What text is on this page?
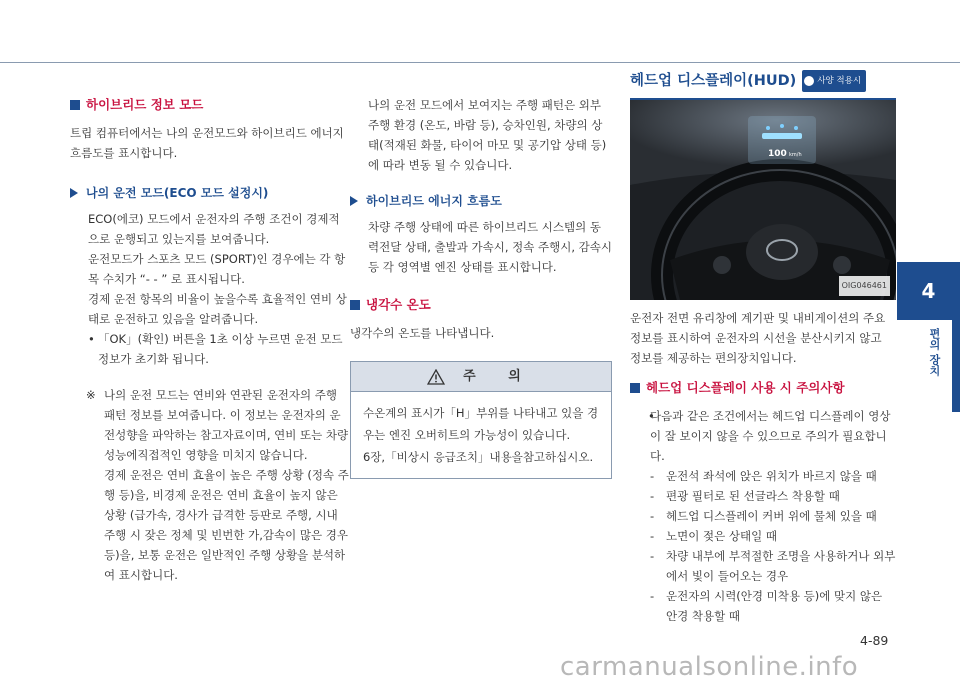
하이브리드 정보 모드

트립 컴퓨터에서는 나의 운전모드와 하이브리드 에너지 흐름도를 표시합니다.

나의 운전 모드(ECO 모드 설정시)

ECO(에코) 모드에서 운전자의 주행 조건이 경제적으로 운행되고 있는지를 보여줍니다.

운전모드가 스포츠 모드 (SPORT)인 경우에는 각 항목 수치가 “- - ” 로 표시됩니다.

경제 운전 항목의 비율이 높을수록 효율적인 연비 상태로 운전하고 있음을 알려줍니다.

• 「OK」(확인) 버튼을 1초 이상 누르면 운전 모드 정보가 초기화 됩니다.

※ 나의 운전 모드는 연비와 연관된 운전자의 주행 패턴 정보를 보여줍니다. 이 정보는 운전자의 운전성향을 파악하는 참고자료이며, 연비 또는 차량성능에직접적인 영향을 미치지 않습니다.

경제 운전은 연비 효율이 높은 주행 상황 (정속 주행 등)을, 비경제 운전은 연비 효율이 높지 않은 상황 (급가속, 경사가 급격한 등판로 주행, 시내 주행 시 잦은 정체 및 빈번한 가,감속이 많은 경우 등)을, 보통 운전은 일반적인 주행 상황을 분석하여 표시합니다.

나의 운전 모드에서 보여지는 주행 패턴은 외부 주행 환경 (온도, 바람 등), 승차인원, 차량의 상태(적재된 화물, 타이어 마모 및 공기압 상태 등)에 따라 변동 될 수 있습니다.

하이브리드 에너지 흐름도

차량 주행 상태에 따른 하이브리드 시스템의 동력전달 상태, 출발과 가속시, 정속 주행시, 감속시 등 각 영역별 엔진 상태를 표시합니다.

냉각수 온도

냉각수의 온도를 나타냅니다.

주 의

수온계의 표시가「H」부위를 나타내고 있을 경우는 엔진 오버히트의 가능성이 있습니다.

6장,「비상시 응급조치」내용을참고하십시오.

헤드업 디스플레이(HUD) 사양 적용시
100 km/h
OIG046461

운전자 전면 유리창에 계기판 및 내비게이션의 주요 정보를 표시하여 운전자의 시선을 분산시키지 않고 정보를 제공하는 편의장치입니다.

헤드업 디스플레이 사용 시 주의사항

• 다음과 같은 조건에서는 헤드업 디스플레이 영상이 잘 보이지 않을 수 있으므로 주의가 필요합니다.

- 운전석 좌석에 앉은 위치가 바르지 않을 때

- 편광 필터로 된 선글라스 착용할 때

- 헤드업 디스플레이 커버 위에 물체 있을 때

- 노면이 젖은 상태일 때

- 차량 내부에 부적절한 조명을 사용하거나 외부에서 빛이 들어오는 경우

- 운전자의 시력(안경 미착용 등)에 맞지 않은 안경 착용할 때

4
편의 장치
4-89
carmanualsonline.info
